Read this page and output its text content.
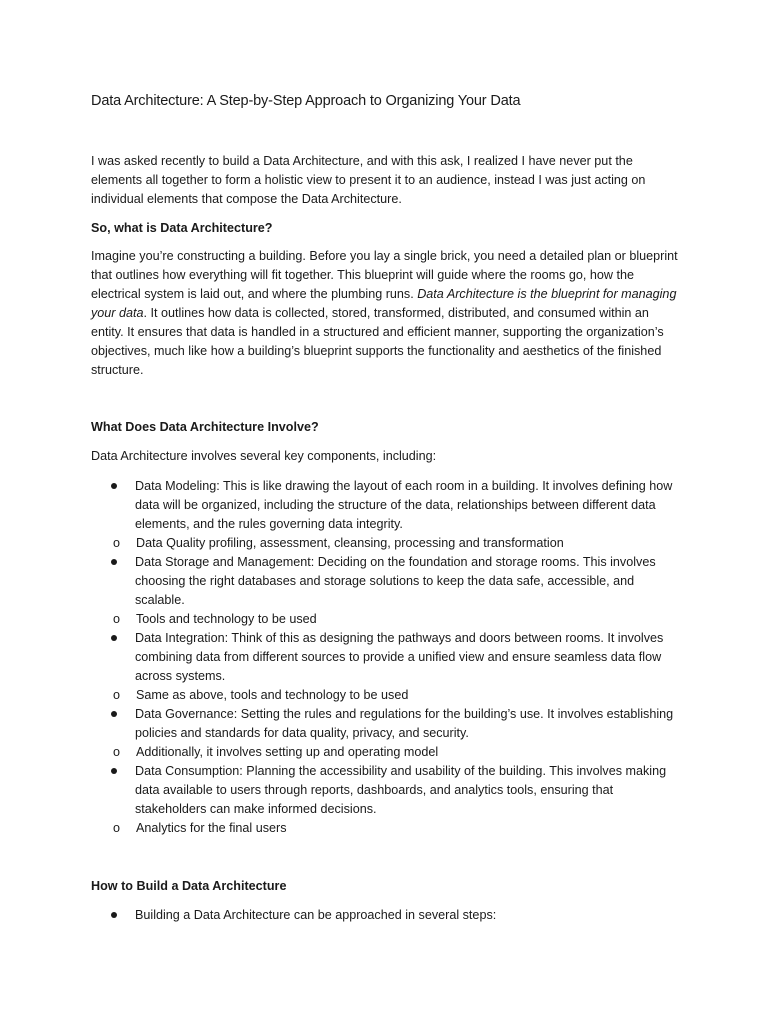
Data Architecture: A Step-by-Step Approach to Organizing Your Data

I was asked recently to build a Data Architecture, and with this ask, I realized I have never put the elements all together to form a holistic view to present it to an audience, instead I was just acting on individual elements that compose the Data Architecture.

So, what is Data Architecture?

Imagine you’re constructing a building. Before you lay a single brick, you need a detailed plan or blueprint that outlines how everything will fit together. This blueprint will guide where the rooms go, how the electrical system is laid out, and where the plumbing runs. Data Architecture is the blueprint for managing your data. It outlines how data is collected, stored, transformed, distributed, and consumed within an entity. It ensures that data is handled in a structured and efficient manner, supporting the organization’s objectives, much like how a building’s blueprint supports the functionality and aesthetics of the finished structure.

What Does Data Architecture Involve?

Data Architecture involves several key components, including:

Data Modeling: This is like drawing the layout of each room in a building. It involves defining how data will be organized, including the structure of the data, relationships between different data elements, and the rules governing data integrity.
o Data Quality profiling, assessment, cleansing, processing and transformation
Data Storage and Management: Deciding on the foundation and storage rooms. This involves choosing the right databases and storage solutions to keep the data safe, accessible, and scalable.
o Tools and technology to be used
Data Integration: Think of this as designing the pathways and doors between rooms. It involves combining data from different sources to provide a unified view and ensure seamless data flow across systems.
o Same as above, tools and technology to be used
Data Governance: Setting the rules and regulations for the building’s use. It involves establishing policies and standards for data quality, privacy, and security.
o Additionally, it involves setting up and operating model
Data Consumption: Planning the accessibility and usability of the building. This involves making data available to users through reports, dashboards, and analytics tools, ensuring that stakeholders can make informed decisions.
o Analytics for the final users
How to Build a Data Architecture
Building a Data Architecture can be approached in several steps:
